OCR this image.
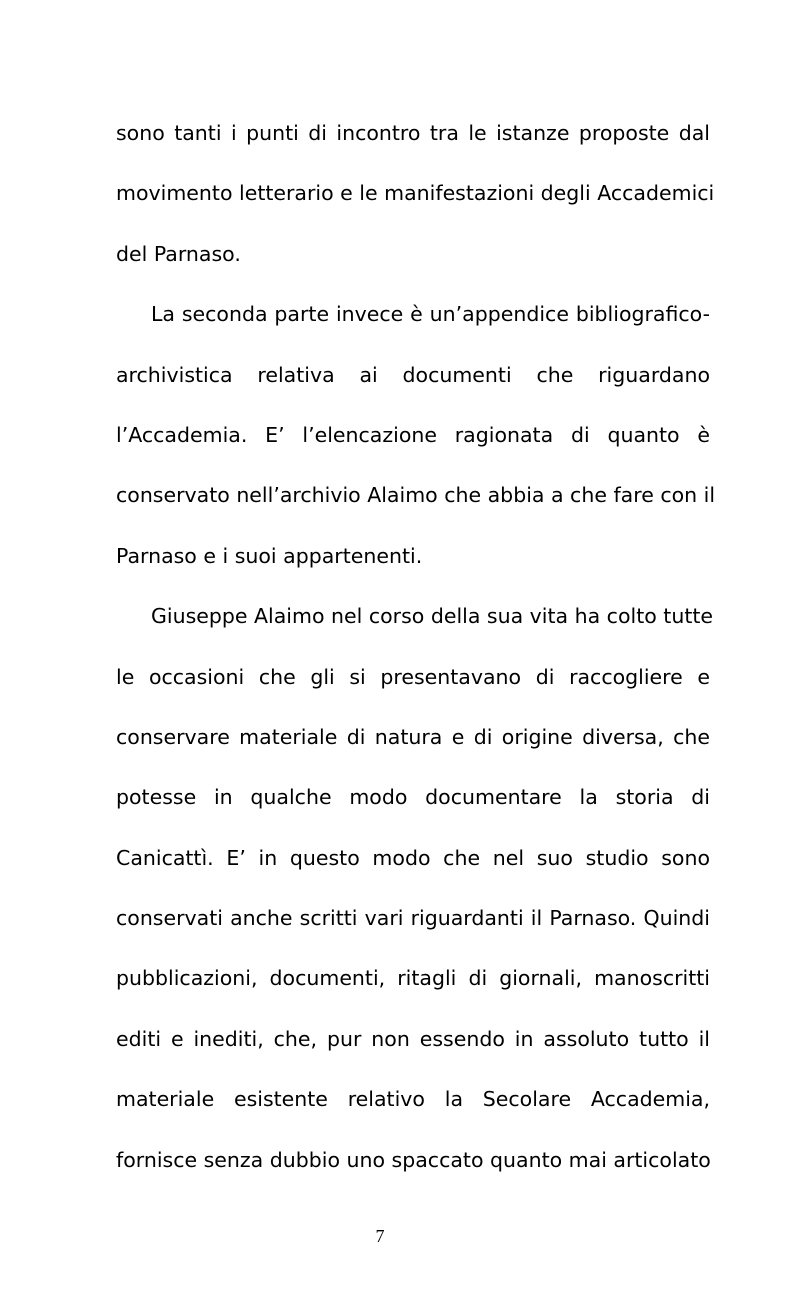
sono tanti i punti di incontro tra le istanze proposte dal
movimento letterario e le manifestazioni degli Accademici
del Parnaso.
La seconda parte invece è un’appendice bibliografico-
archivistica relativa ai documenti che riguardano
l’Accademia. E’ l’elencazione ragionata di quanto è
conservato nell’archivio Alaimo che abbia a che fare con il
Parnaso e i suoi appartenenti.
Giuseppe Alaimo nel corso della sua vita ha colto tutte
le occasioni che gli si presentavano di raccogliere e
conservare materiale di natura e di origine diversa, che
potesse in qualche modo documentare la storia di
Canicattì. E’ in questo modo che nel suo studio sono
conservati anche scritti vari riguardanti il Parnaso. Quindi
pubblicazioni, documenti, ritagli di giornali, manoscritti
editi e inediti, che, pur non essendo in assoluto tutto il
materiale esistente relativo la Secolare Accademia,
fornisce senza dubbio uno spaccato quanto mai articolato
7
